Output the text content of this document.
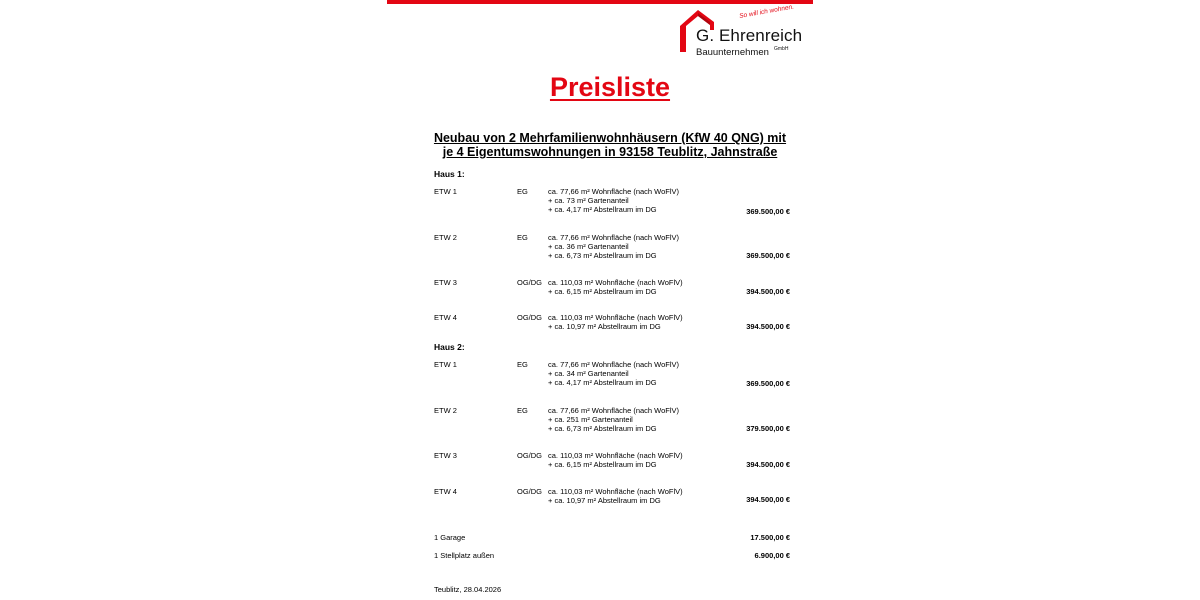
So will ich wohnen.
G. Ehrenreich
GmbH
Bauunternehmen
Preisliste
Neubau von 2 Mehrfamilienwohnhäusern (KfW 40 QNG) mit
je 4 Eigentumswohnungen in 93158 Teublitz, Jahnstraße
Haus 1:
ETW 1	EG	ca. 77,66 m² Wohnfläche (nach WoFlV)
+ ca. 73 m² Gartenanteil
+ ca. 4,17 m² Abstellraum im DG	369.500,00 €
ETW 2	EG	ca. 77,66 m² Wohnfläche (nach WoFlV)
+ ca. 36 m² Gartenanteil
+ ca. 6,73 m² Abstellraum im DG	369.500,00 €
ETW 3	OG/DG ca. 110,03 m² Wohnfläche (nach WoFlV)
+ ca. 6,15 m² Abstellraum im DG	394.500,00 €
ETW 4	OG/DG ca. 110,03 m² Wohnfläche (nach WoFlV)
+ ca. 10,97 m² Abstellraum im DG	394.500,00 €
Haus 2:
ETW 1	EG	ca. 77,66 m² Wohnfläche (nach WoFlV)
+ ca. 34 m² Gartenanteil
+ ca. 4,17 m² Abstellraum im DG	369.500,00 €
ETW 2	EG	ca. 77,66 m² Wohnfläche (nach WoFlV)
+ ca. 251 m² Gartenanteil
+ ca. 6,73 m² Abstellraum im DG	379.500,00 €
ETW 3	OG/DG ca. 110,03 m² Wohnfläche (nach WoFlV)
+ ca. 6,15 m² Abstellraum im DG	394.500,00 €
ETW 4	OG/DG ca. 110,03 m² Wohnfläche (nach WoFlV)
+ ca. 10,97 m² Abstellraum im DG	394.500,00 €
1 Garage	17.500,00 €
1 Stellplatz außen	6.900,00 €
Teublitz, 28.04.2026
